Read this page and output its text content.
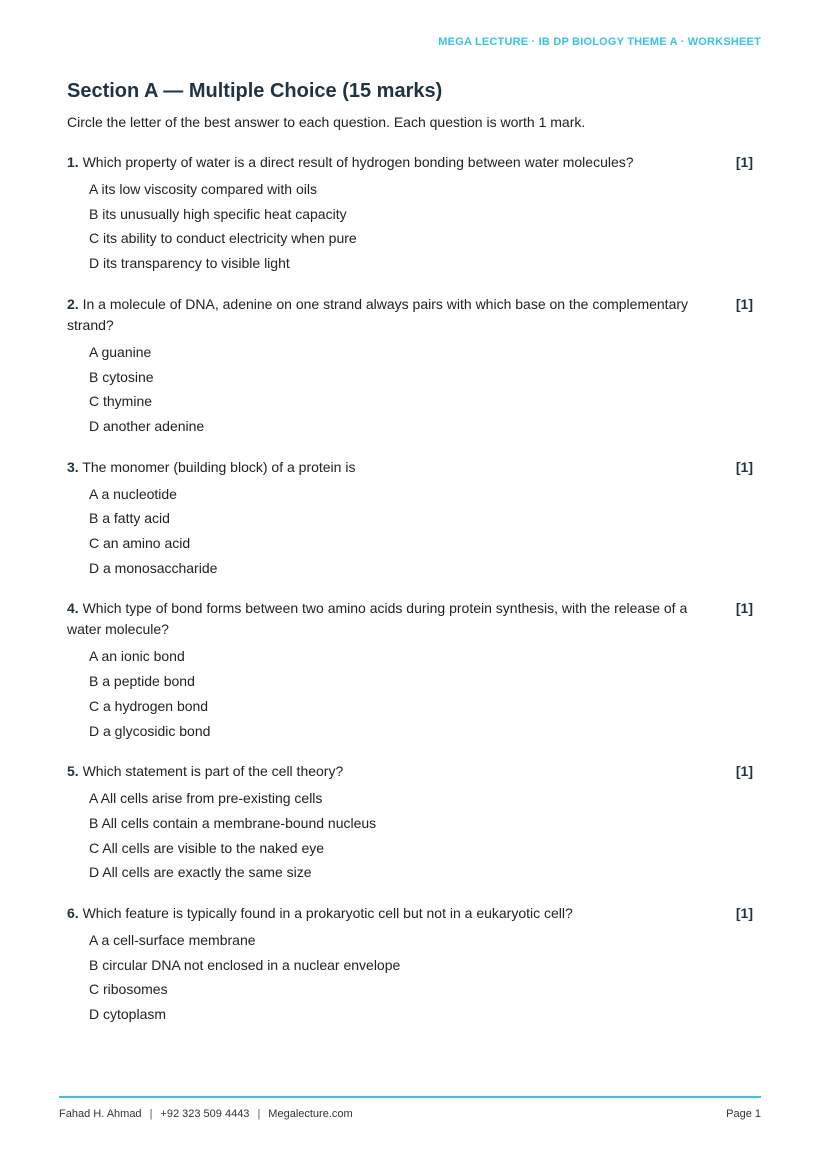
MEGA LECTURE · IB DP BIOLOGY THEME A · WORKSHEET
Section A — Multiple Choice (15 marks)

Circle the letter of the best answer to each question. Each question is worth 1 mark.

1. Which property of water is a direct result of hydrogen bonding between water molecules?	[1]
A its low viscosity compared with oils
B its unusually high specific heat capacity
C its ability to conduct electricity when pure
D its transparency to visible light

2. In a molecule of DNA, adenine on one strand always pairs with which base on the complementary strand?

[1]
A guanine
B cytosine
C thymine
D another adenine

3. The monomer (building block) of a protein is	[1]
A a nucleotide
B a fatty acid
C an amino acid
D a monosaccharide

4. Which type of bond forms between two amino acids during protein synthesis, with the release of a water molecule?

[1]
A an ionic bond
B a peptide bond
C a hydrogen bond
D a glycosidic bond

5. Which statement is part of the cell theory?	[1]
A All cells arise from pre-existing cells
B All cells contain a membrane-bound nucleus
C All cells are visible to the naked eye
D All cells are exactly the same size

6. Which feature is typically found in a prokaryotic cell but not in a eukaryotic cell?	[1]
A a cell-surface membrane
B circular DNA not enclosed in a nuclear envelope
C ribosomes
D cytoplasm
Fahad H. Ahmad | +92 323 509 4443 | Megalecture.com	Page 1
